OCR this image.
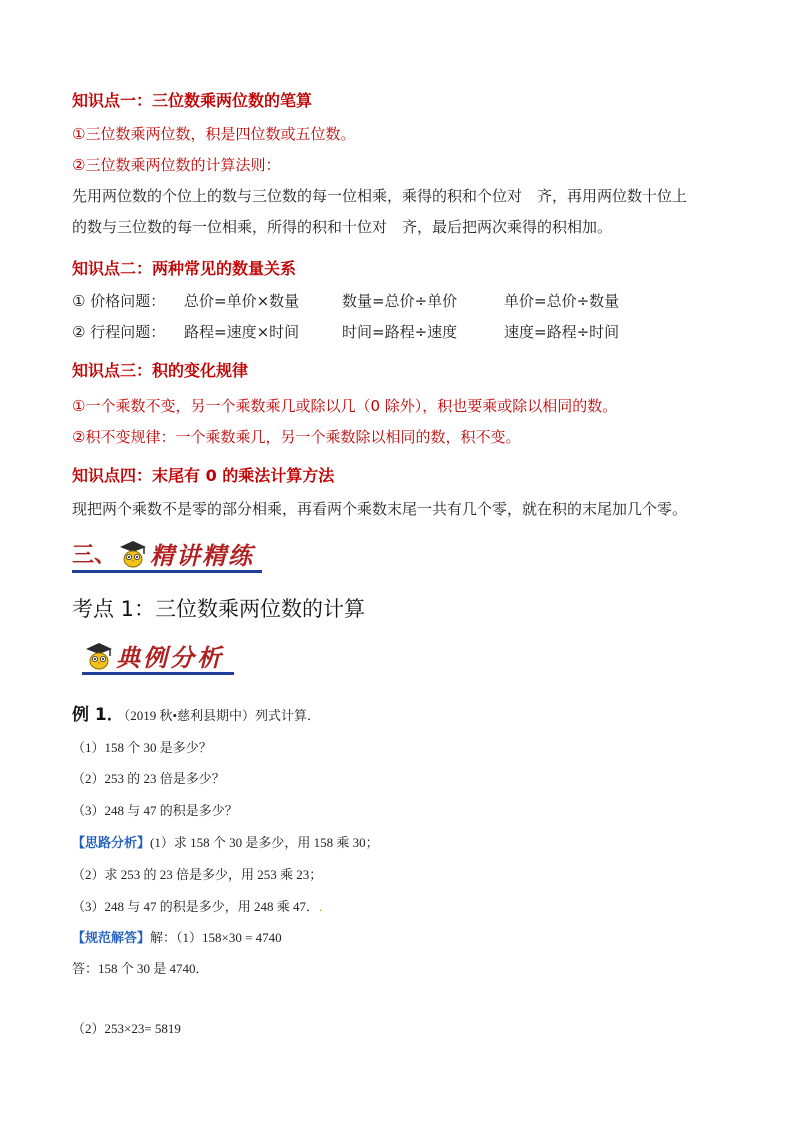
知识点一：三位数乘两位数的笔算
①三位数乘两位数，积是四位数或五位数。
②三位数乘两位数的计算法则：
先用两位数的个位上的数与三位数的每一位相乘，乘得的积和个位对　齐，再用两位数十位上
的数与三位数的每一位相乘，所得的积和十位对　齐，最后把两次乘得的积相加。
知识点二：两种常见的数量关系
① 价格问题： 总价=单价×数量	数量=总价÷单价	单价=总价÷数量
② 行程问题： 路程=速度×时间	时间=路程÷速度	速度=路程÷时间
知识点三：积的变化规律
①一个乘数不变，另一个乘数乘几或除以几（0 除外），积也要乘或除以相同的数。
②积不变规律：一个乘数乘几，另一个乘数除以相同的数，积不变。
知识点四：末尾有 0 的乘法计算方法
现把两个乘数不是零的部分相乘，再看两个乘数末尾一共有几个零，就在积的末尾加几个零。
三、 精讲精练
考点 1：三位数乘两位数的计算
典例分析
例 1．（2019 秋•慈利县期中）列式计算．
（1）158 个 30 是多少？
（2）253 的 23 倍是多少？
（3）248 与 47 的积是多少？
【思路分析】(1）求 158 个 30 是多少，用 158 乘 30；
（2）求 253 的 23 倍是多少，用 253 乘 23；
（3）248 与 47 的积是多少，用 248 乘 47．.
【规范解答】解：（1）158×30 = 4740
答：158 个 30 是 4740．
（2）253×23= 5819
